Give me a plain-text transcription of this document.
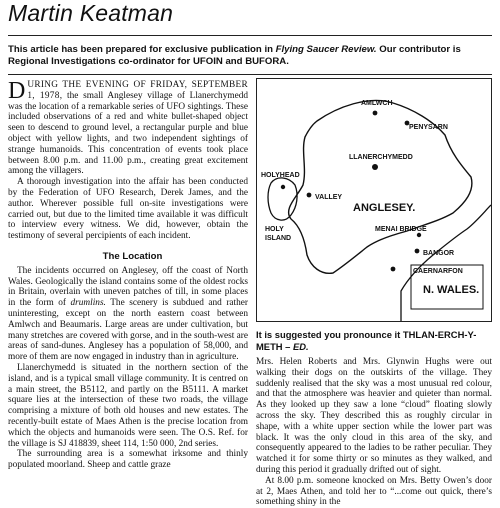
Martin Keatman
This article has been prepared for exclusive publication in Flying Saucer Review. Our contributor is Regional Investigations co-ordinator for UFOIN and BUFORA.

DURING THE EVENING OF FRIDAY, SEPTEMBER 1, 1978, the small Anglesey village of Llanerchymedd was the location of a remarkable series of UFO sightings. These included observations of a red and white bullet-shaped object seen to descend to ground level, a rectangular purple and blue object with yellow lights, and two independent sightings of strange humanoids. This concentration of events took place between 8.00 p.m. and 11.00 p.m., creating great excitement among the villagers.

A thorough investigation into the affair has been conducted by the Federation of UFO Research, Derek James, and the author. Wherever possible full on-site investigations were carried out, but due to the limited time available it was difficult to interview every witness. We did, however, obtain the testimony of several percipients of each incident.

The Location

The incidents occurred on Anglesey, off the coast of North Wales. Geologically the island contains some of the oldest rocks in Britain, overlain with uneven patches of till, in some places in the form of drumlins. The scenery is subdued and rather uninteresting, except on the north eastern coast between Amlwch and Beaumaris. Large areas are under cultivation, but many stretches are covered with gorse, and in the south-west are areas of sand-dunes. Anglesey has a population of 58,000, and more of them are now engaged in industry than in agriculture.

Llanerchymedd is situated in the northern section of the island, and is a typical small village community. It is centred on a main street, the B5112, and partly on the B5111. A market square lies at the intersection of these two roads, the village comprising a mixture of both old houses and new estates. The recently-built estate of Maes Athen is the precise location from which the objects and humanoids were seen. The O.S. Ref. for the village is SJ 418839, sheet 114, 1:50 000, 2nd series.

The surrounding area is a somewhat irksome and thinly populated moorland. Sheep and cattle graze

AMLWCH
PENYSARN
HOLYHEAD
LLANERCHYMEDD
VALLEY
ANGLESEY.
HOLY
ISLAND
MENAI BRIDGE
BANGOR
CAERNARFON
N. WALES.
It is suggested you pronounce it THLAN-ERCH-Y-METH – ED.

Mrs. Helen Roberts and Mrs. Glynwin Hughs were out walking their dogs on the outskirts of the village. They suddenly realised that the sky was a most unusual red colour, and that the atmosphere was heavier and quieter than normal. As they looked up they saw a lone “cloud” floating slowly across the sky. They described this as roughly circular in shape, with a white upper section while the lower part was black. It was the only cloud in this area of the sky, and consequently appeared to the ladies to be rather peculiar. They watched it for some thirty or so minutes as they walked, and during this period it gradually drifted out of sight.

At 8.00 p.m. someone knocked on Mrs. Betty Owen’s door at 2, Maes Athen, and told her to “...come out quick, there’s something shiny in the
